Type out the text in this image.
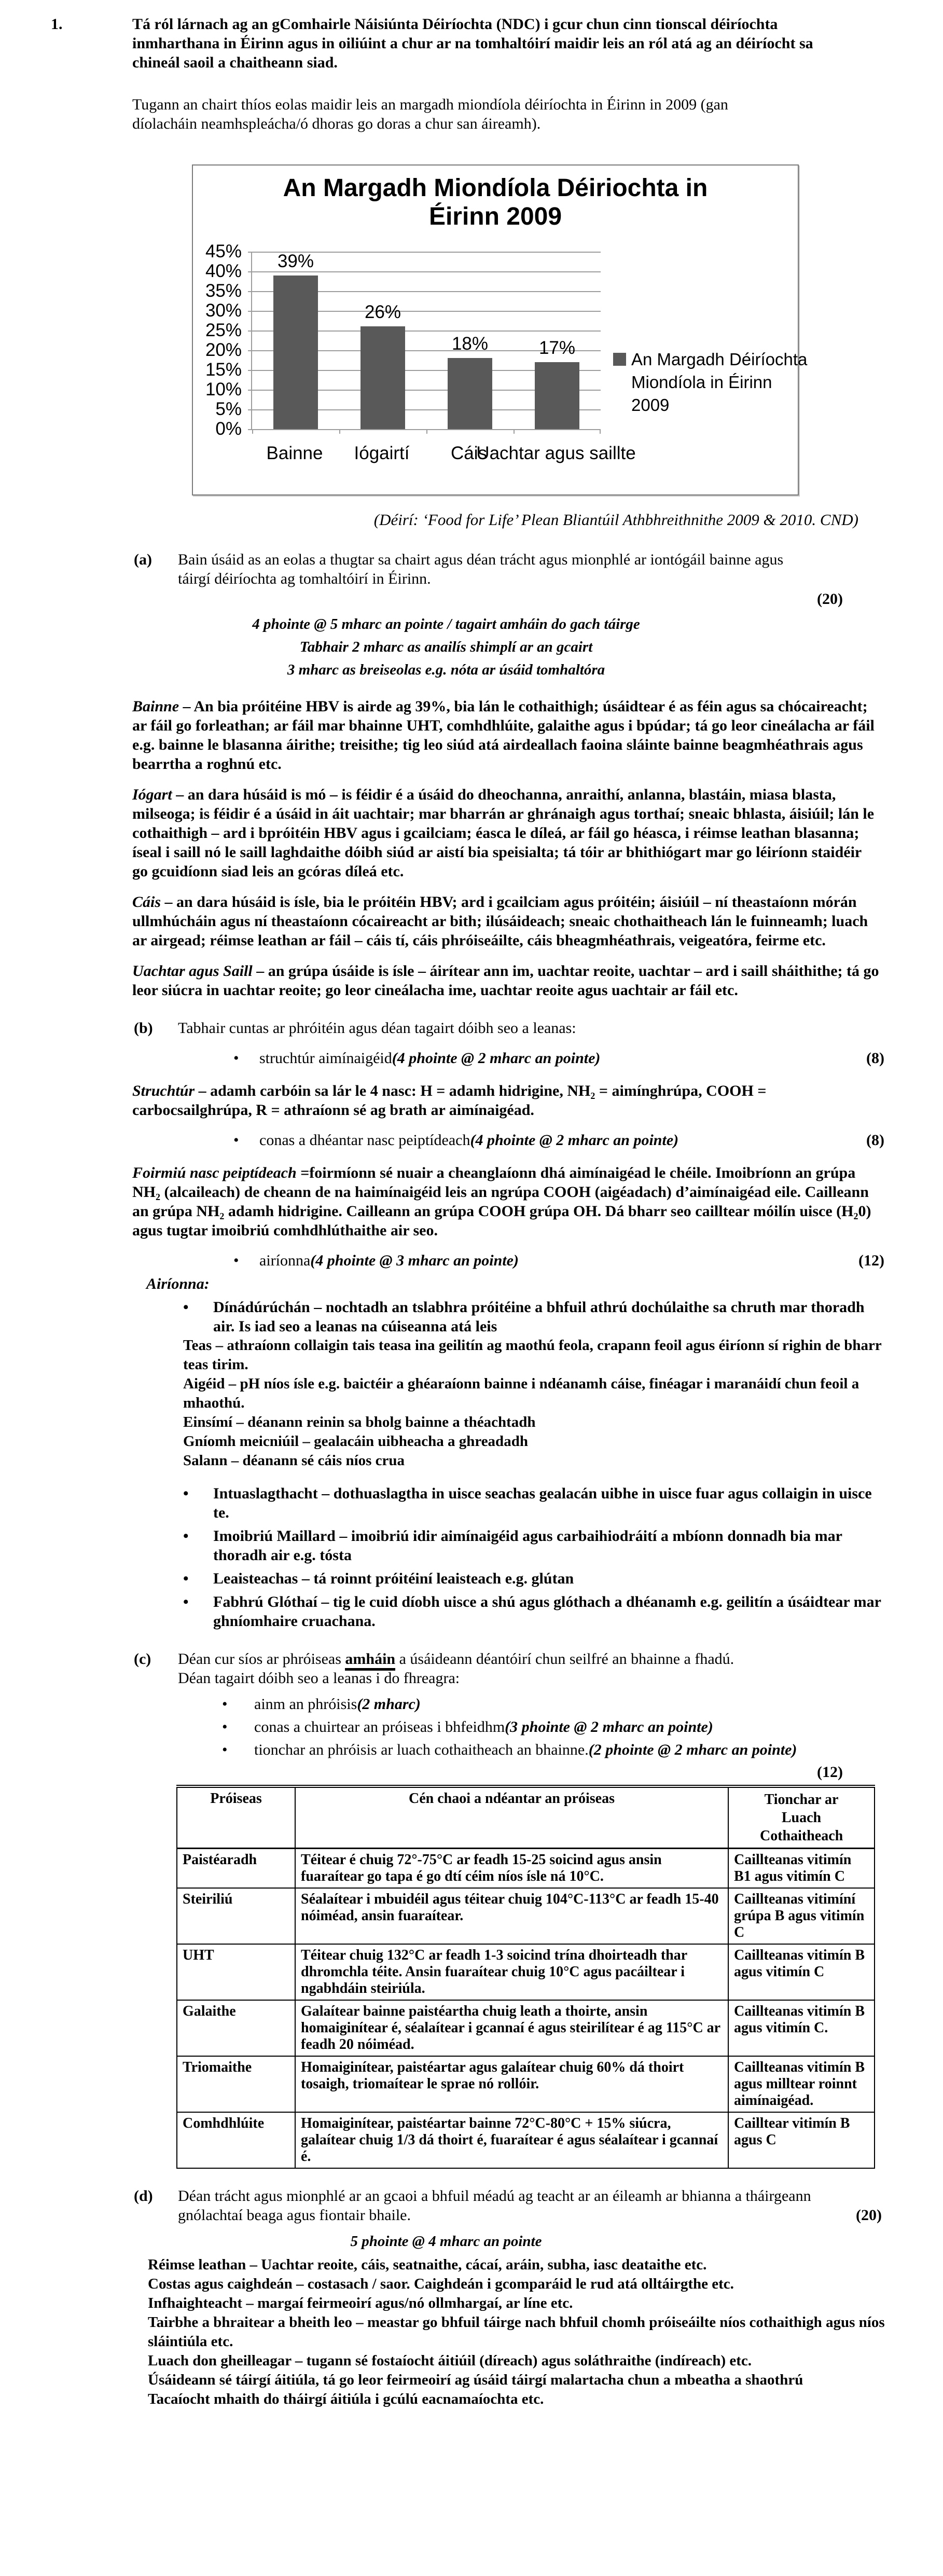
1.	Tá ról lárnach ag an gComhairle Náisiúnta Déiríochta (NDC) i gcur chun cinn tionscal déiríochta inmharthana in Éirinn agus in oiliúint a chur ar na tomhaltóirí maidir leis an ról atá ag an déiríocht sa chineál saoil a chaitheann siad.
Tugann an chairt thíos eolas maidir leis an margadh miondíola déiríochta in Éirinn in 2009 (gan díolacháin neamhspleácha/ó dhoras go doras a chur san áireamh).
An Margadh Miondíola Déiriochta in Éirinn 2009
45%
40%
35%
30%
25%
20%
15%
10%
5%
0%
39%
26%
18%	17%
Bainne Iógairtí Cáis
Uachtar agus saillte
An Margadh Déiríochta Miondíola in Éirinn 2009
(Déirí: ‘Food for Life’ Plean Bliantúil Athbhreithnithe 2009 & 2010. CND)
(a)	Bain úsáid as an eolas a thugtar sa chairt agus déan trácht agus mionphlé ar iontógáil bainne agus táirgí déiríochta ag tomhaltóirí in Éirinn.
(20)
4 phointe @ 5 mharc an pointe / tagairt amháin do gach táirge
Tabhair 2 mharc as anailís shimplí ar an gcairt
3 mharc as breiseolas e.g. nóta ar úsáid tomhaltóra

Bainne – An bia próitéine HBV is airde ag 39%, bia lán le cothaithigh; úsáidtear é as féin agus sa chócaireacht; ar fáil go forleathan; ar fáil mar bhainne UHT, comhdhlúite, galaithe agus i bpúdar; tá go leor cineálacha ar fáil e.g. bainne le blasanna áirithe; treisithe; tig leo siúd atá airdeallach faoina sláinte bainne beagmhéathrais agus bearrtha a roghnú etc.

Iógart – an dara húsáid is mó – is féidir é a úsáid do dheochanna, anraithí, anlanna, blastáin, miasa blasta, milseoga; is féidir é a úsáid in áit uachtair; mar bharrán ar ghránaigh agus torthaí; sneaic bhlasta, áisiúil; lán le cothaithigh – ard i bpróitéin HBV agus i gcailciam; éasca le díleá, ar fáil go héasca, i réimse leathan blasanna; íseal i saill nó le saill laghdaithe dóibh siúd ar aistí bia speisialta; tá tóir ar bhithiógart mar go léiríonn staidéir go gcuidíonn siad leis an gcóras díleá etc.

Cáis – an dara húsáid is ísle, bia le próitéin HBV; ard i gcailciam agus próitéin; áisiúil – ní theastaíonn mórán ullmhúcháin agus ní theastaíonn cócaireacht ar bith; ilúsáideach; sneaic chothaitheach lán le fuinneamh; luach ar airgead; réimse leathan ar fáil – cáis tí, cáis phróiseáilte, cáis bheagmhéathrais, veigeatóra, feirme etc.

Uachtar agus Saill – an grúpa úsáide is ísle – áirítear ann im, uachtar reoite, uachtar – ard i saill sháithithe; tá go leor siúcra in uachtar reoite; go leor cineálacha ime, uachtar reoite agus uachtair ar fáil etc.

(b)	Tabhair cuntas ar phróitéin agus déan tagairt dóibh seo a leanas:
•	struchtúr aimínaigéid (4 phointe @ 2 mharc an pointe)	(8)

Struchtúr – adamh carbóin sa lár le 4 nasc: H = adamh hidrigine, NH₂ = aimínghrúpa, COOH = carbocsailghrúpa, R = athraíonn sé ag brath ar aimínaigéad.

•	conas a dhéantar nasc peiptídeach (4 phointe @ 2 mharc an pointe)	(8)

Foirmiú nasc peiptídeach =foirmíonn sé nuair a cheanglaíonn dhá aimínaigéad le chéile. Imoibríonn an grúpa NH₂ (alcaileach) de cheann de na haimínaigéid leis an ngrúpa COOH (aigéadach) d’aimínaigéad eile. Cailleann an grúpa NH₂ adamh hidrigine. Cailleann an grúpa COOH grúpa OH. Dá bharr seo cailltear móilín uisce (H₂0) agus tugtar imoibriú comhdhlúthaithe air seo.

•	airíonna (4 phointe @ 3 mharc an pointe)	(12)
Airíonna:
•	Dínádúrúchán – nochtadh an tslabhra próitéine a bhfuil athrú dochúlaithe sa chruth mar thoradh air. Is iad seo a leanas na cúiseanna atá leis
Teas – athraíonn collaigin tais teasa ina geilitín ag maothú feola, crapann feoil agus éiríonn sí righin de bharr teas tirim.
Aigéid – pH níos ísle e.g. baictéir a ghéaraíonn bainne i ndéanamh cáise, finéagar i maranáidí chun feoil a mhaothú.
Einsímí – déanann reinin sa bholg bainne a théachtadh
Gníomh meicniúil – gealacáin uibheacha a ghreadadh
Salann – déanann sé cáis níos crua
•	Intuaslagthacht – dothuaslagtha in uisce seachas gealacán uibhe in uisce fuar agus collaigin in uisce te.
•	Imoibriú Maillard – imoibriú idir aimínaigéid agus carbaihiodráití a mbíonn donnadh bia mar thoradh air e.g. tósta
•	Leaisteachas – tá roinnt próitéiní leaisteach e.g. glútan
•	Fabhrú Glóthaí – tig le cuid díobh uisce a shú agus glóthach a dhéanamh e.g. geilitín a úsáidtear mar ghníomhaire cruachana.
(c)	Déan cur síos ar phróiseas amháin a úsáideann déantóirí chun seilfré an bhainne a fhadú.
Déan tagairt dóibh seo a leanas i do fhreagra:
•	ainm an phróisis (2 mharc)
•	conas a chuirtear an próiseas i bhfeidhm (3 phointe @ 2 mharc an pointe)
•	tionchar an phróisis ar luach cothaitheach an bhainne. (2 phointe @ 2 mharc an pointe)
(12)
Próiseas	Cén chaoi a ndéantar an próiseas	Tionchar ar Luach Cothaitheach

Paistéaradh	Téitear é chuig 72°-75°C ar feadh 15-25 soicind agus ansin fuaraítear go tapa é go dtí céim níos ísle ná 10°C.	Caillteanas vitimín B1 agus vitimín C
Steiriliú	Séalaítear i mbuidéil agus téitear chuig 104°C-113°C ar feadh 15-40 nóiméad, ansin fuaraítear.	Caillteanas vitimíní grúpa B agus vitimín C
UHT	Téitear chuig 132°C ar feadh 1-3 soicind trína dhoirteadh thar dhromchla téite. Ansin fuaraítear chuig 10°C agus pacáiltear i ngabhdáin steiriúla.	Caillteanas vitimín B agus vitimín C
Galaithe	Galaítear bainne paistéartha chuig leath a thoirte, ansin homaiginítear é, séalaítear i gcannaí é agus steirilítear é ag 115°C ar feadh 20 nóiméad.	Caillteanas vitimín B agus vitimín C.
Triomaithe	Homaiginítear, paistéartar agus galaítear chuig 60% dá thoirt tosaigh, triomaítear le sprae nó rollóir.	Caillteanas vitimín B agus milltear roinnt aimínaigéad.
Comhdhlúite	Homaiginítear, paistéartar bainne 72°C-80°C + 15% siúcra, galaítear chuig 1/3 dá thoirt é, fuaraítear é agus séalaítear i gcannaí é.	Cailltear vitimín B agus C
(d)	Déan trácht agus mionphlé ar an gcaoi a bhfuil méadú ag teacht ar an éileamh ar bhianna a tháirgeann gnólachtaí beaga agus fiontair bhaile.	(20)
5 phointe @ 4 mharc an pointe
Réimse leathan – Uachtar reoite, cáis, seatnaithe, cácaí, aráin, subha, iasc deataithe etc.
Costas agus caighdeán – costasach / saor. Caighdeán i gcomparáid le rud atá olltáirgthe etc.
Infhaighteacht – margaí feirmeoirí agus/nó ollmhargaí, ar líne etc.
Tairbhe a bhraitear a bheith leo – meastar go bhfuil táirge nach bhfuil chomh próiseáilte níos cothaithigh agus níos sláintiúla etc.
Luach don gheilleagar – tugann sé fostaíocht áitiúil (díreach) agus soláthraithe (indíreach) etc.
Úsáideann sé táirgí áitiúla, tá go leor feirmeoirí ag úsáid táirgí malartacha chun a mbeatha a shaothrú
Tacaíocht mhaith do tháirgí áitiúla i gcúlú eacnamaíochta etc.
